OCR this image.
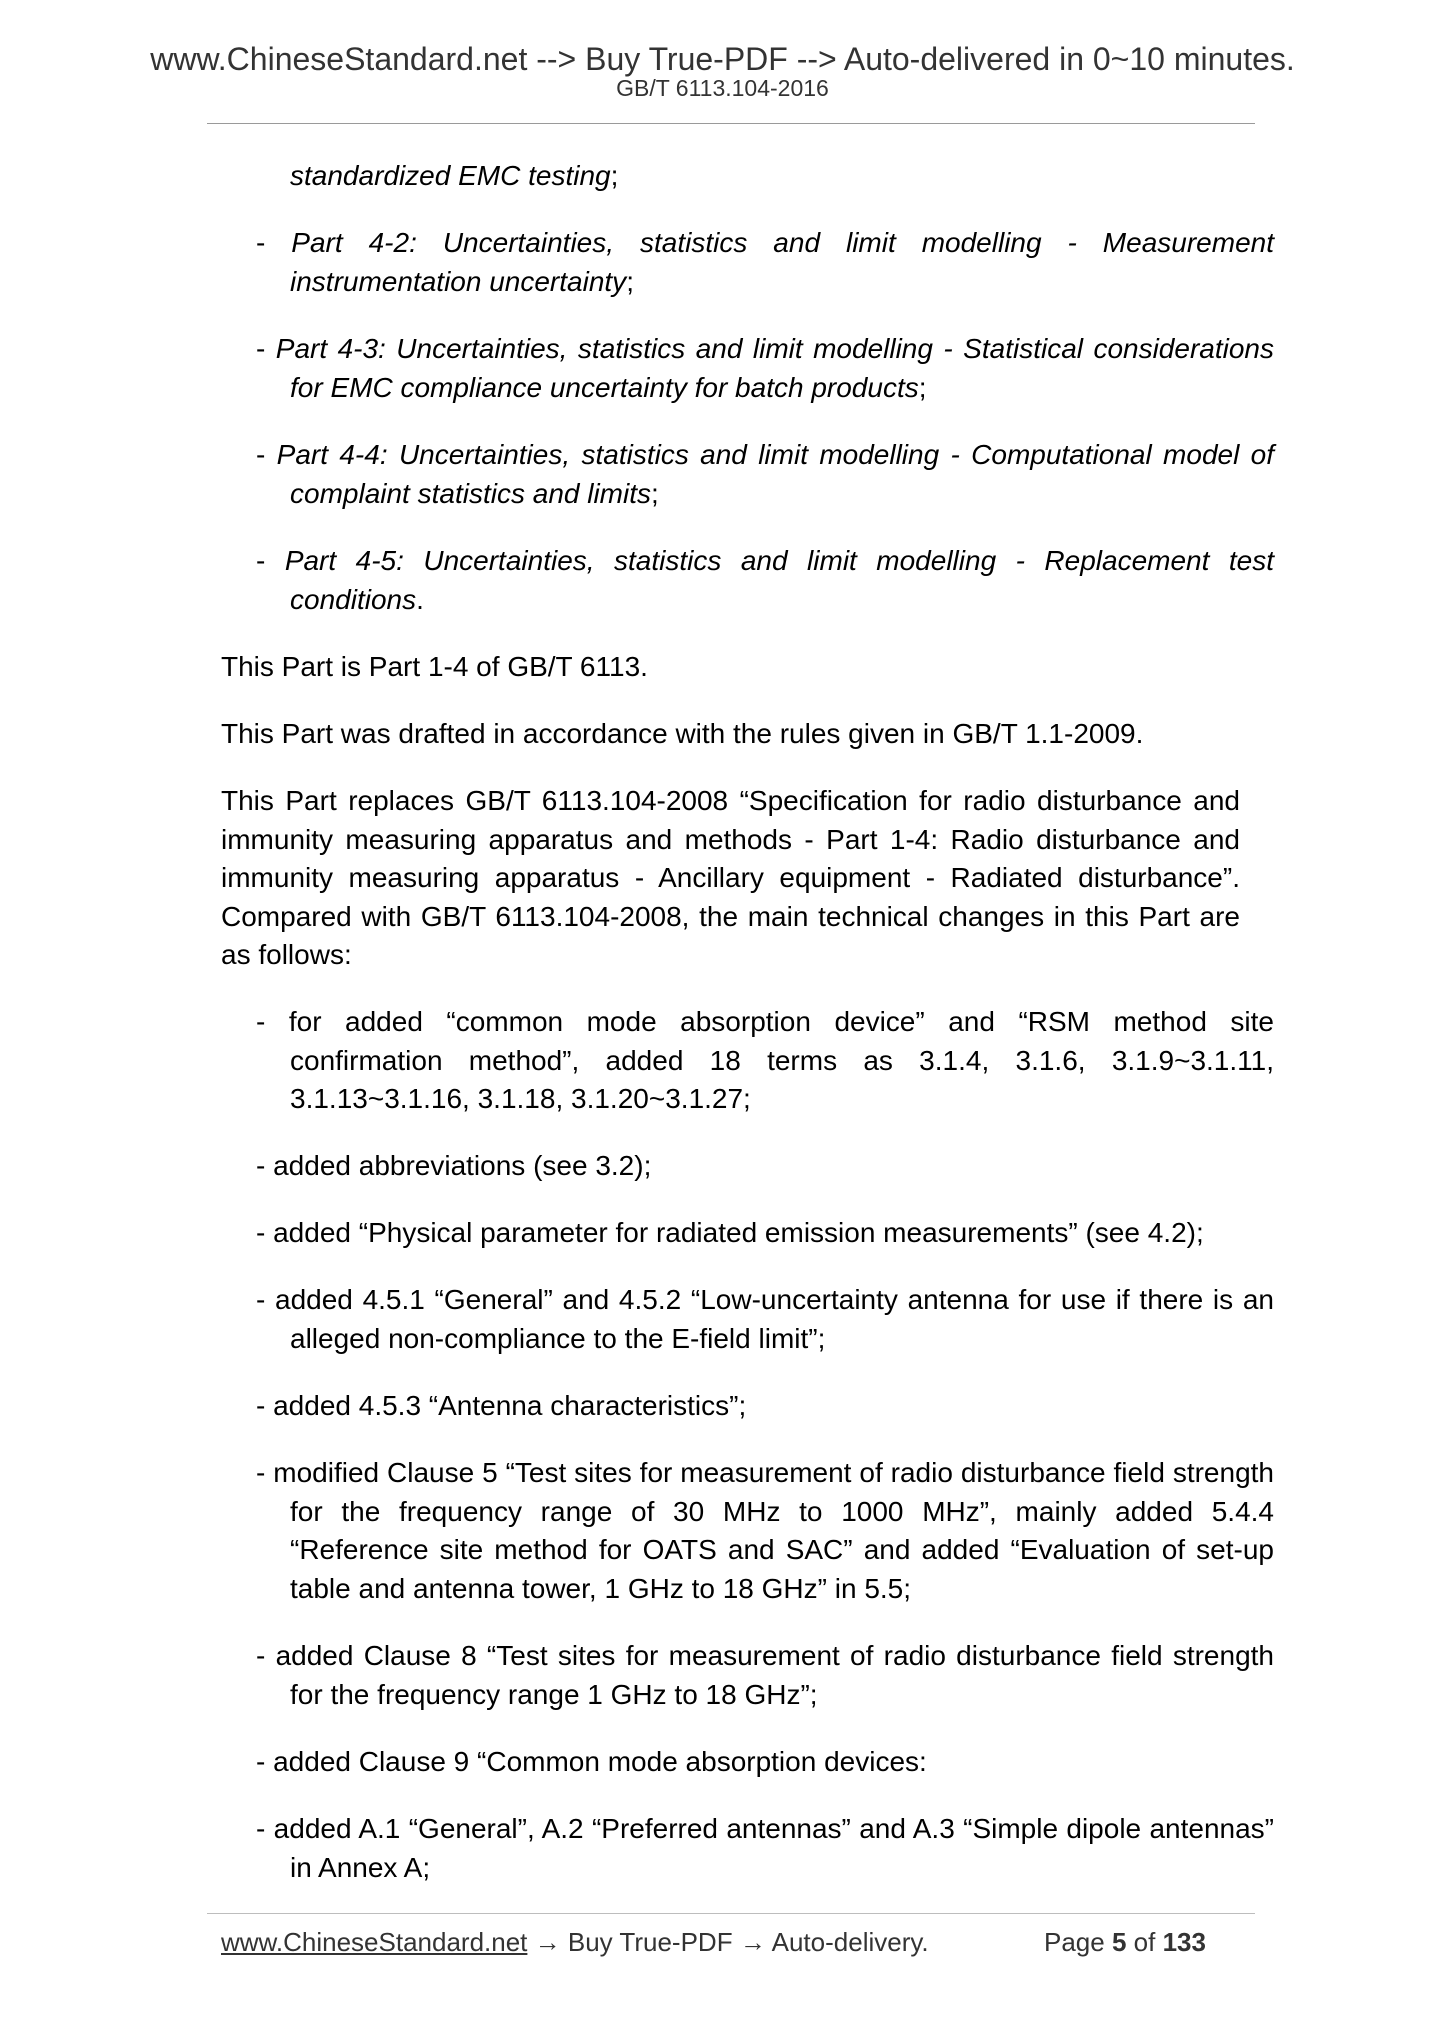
www.ChineseStandard.net --> Buy True-PDF --> Auto-delivered in 0~10 minutes.
GB/T 6113.104-2016
standardized EMC testing;
- Part 4-2: Uncertainties, statistics and limit modelling - Measurement instrumentation uncertainty;
- Part 4-3: Uncertainties, statistics and limit modelling - Statistical considerations for EMC compliance uncertainty for batch products;
- Part 4-4: Uncertainties, statistics and limit modelling - Computational model of complaint statistics and limits;
- Part 4-5: Uncertainties, statistics and limit modelling - Replacement test conditions.
This Part is Part 1-4 of GB/T 6113.
This Part was drafted in accordance with the rules given in GB/T 1.1-2009.
This Part replaces GB/T 6113.104-2008 “Specification for radio disturbance and immunity measuring apparatus and methods - Part 1-4: Radio disturbance and immunity measuring apparatus - Ancillary equipment - Radiated disturbance”. Compared with GB/T 6113.104-2008, the main technical changes in this Part are as follows:
- for added “common mode absorption device” and “RSM method site confirmation method”, added 18 terms as 3.1.4, 3.1.6, 3.1.9~3.1.11, 3.1.13~3.1.16, 3.1.18, 3.1.20~3.1.27;
- added abbreviations (see 3.2);
- added “Physical parameter for radiated emission measurements” (see 4.2);
- added 4.5.1 “General” and 4.5.2 “Low-uncertainty antenna for use if there is an alleged non-compliance to the E-field limit”;
- added 4.5.3 “Antenna characteristics”;
- modified Clause 5 “Test sites for measurement of radio disturbance field strength for the frequency range of 30 MHz to 1000 MHz”, mainly added 5.4.4 “Reference site method for OATS and SAC” and added “Evaluation of set-up table and antenna tower, 1 GHz to 18 GHz” in 5.5;
- added Clause 8 “Test sites for measurement of radio disturbance field strength for the frequency range 1 GHz to 18 GHz”;
- added Clause 9 “Common mode absorption devices:
- added A.1 “General”, A.2 “Preferred antennas” and A.3 “Simple dipole antennas” in Annex A;
www.ChineseStandard.net → Buy True-PDF → Auto-delivery.	Page 5 of 133
